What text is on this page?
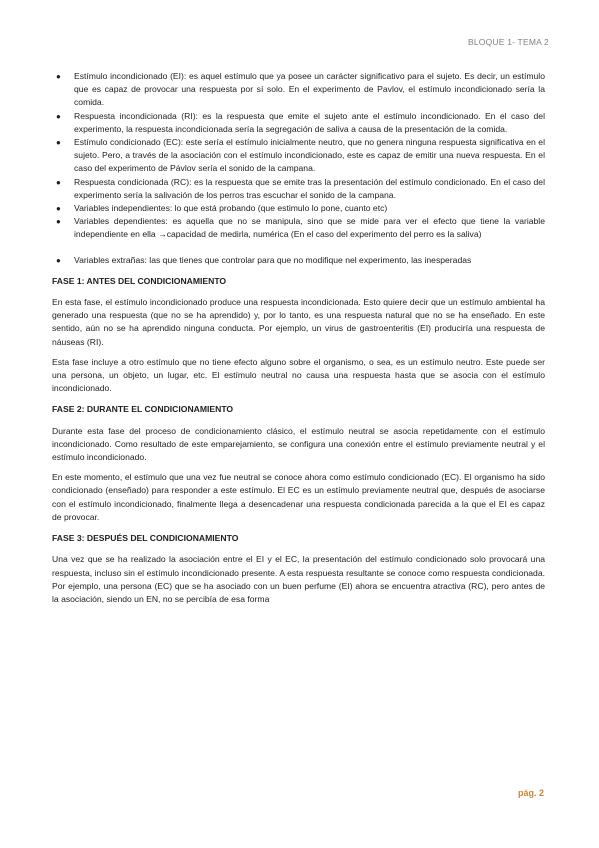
BLOQUE 1- TEMA 2
● Estímulo incondicionado (EI): es aquel estímulo que ya posee un carácter significativo para el sujeto. Es decir, un estímulo que es capaz de provocar una respuesta por sí solo. En el experimento de Pavlov, el estímulo incondicionado sería la comida.
● Respuesta incondicionada (RI): es la respuesta que emite el sujeto ante el estímulo incondicionado. En el caso del experimento, la respuesta incondicionada sería la segregación de saliva a causa de la presentación de la comida.
● Estímulo condicionado (EC): este sería el estímulo inicialmente neutro, que no genera ninguna respuesta significativa en el sujeto. Pero, a través de la asociación con el estímulo incondicionado, este es capaz de emitir una nueva respuesta. En el caso del experimento de Pávlov sería el sonido de la campana.
● Respuesta condicionada (RC): es la respuesta que se emite tras la presentación del estímulo condicionado. En el caso del experimento sería la salivación de los perros tras escuchar el sonido de la campana.
● Variables independientes: lo que está probando (que estimulo lo pone, cuanto etc)
● Variables dependientes: es aquella que no se manipula, sino que se mide para ver el efecto que tiene la variable independiente en ella →capacidad de medirla, numérica (En el caso del experimento del perro es la saliva)
● Variables extrañas: las que tienes que controlar para que no modifique nel experimento, las inesperadas
FASE 1: ANTES DEL CONDICIONAMIENTO

En esta fase, el estímulo incondicionado produce una respuesta incondicionada. Esto quiere decir que un estímulo ambiental ha generado una respuesta (que no se ha aprendido) y, por lo tanto, es una respuesta natural que no se ha enseñado. En este sentido, aún no se ha aprendido ninguna conducta. Por ejemplo, un virus de gastroenteritis (EI) produciría una respuesta de náuseas (RI).

Esta fase incluye a otro estímulo que no tiene efecto alguno sobre el organismo, o sea, es un estímulo neutro. Este puede ser una persona, un objeto, un lugar, etc. El estímulo neutral no causa una respuesta hasta que se asocia con el estímulo incondicionado.

FASE 2: DURANTE EL CONDICIONAMIENTO

Durante esta fase del proceso de condicionamiento clásico, el estímulo neutral se asocia repetidamente con el estímulo incondicionado. Como resultado de este emparejamiento, se configura una conexión entre el estímulo previamente neutral y el estímulo incondicionado.

En este momento, el estímulo que una vez fue neutral se conoce ahora como estímulo condicionado (EC). El organismo ha sido condicionado (enseñado) para responder a este estímulo. El EC es un estímulo previamente neutral que, después de asociarse con el estímulo incondicionado, finalmente llega a desencadenar una respuesta condicionada parecida a la que el EI es capaz de provocar.

FASE 3: DESPUÉS DEL CONDICIONAMIENTO

Una vez que se ha realizado la asociación entre el EI y el EC, la presentación del estímulo condicionado solo provocará una respuesta, incluso sin el estímulo incondicionado presente. A esta respuesta resultante se conoce como respuesta condicionada. Por ejemplo, una persona (EC) que se ha asociado con un buen perfume (EI) ahora se encuentra atractiva (RC), pero antes de la asociación, siendo un EN, no se percibía de esa forma

pág. 2
